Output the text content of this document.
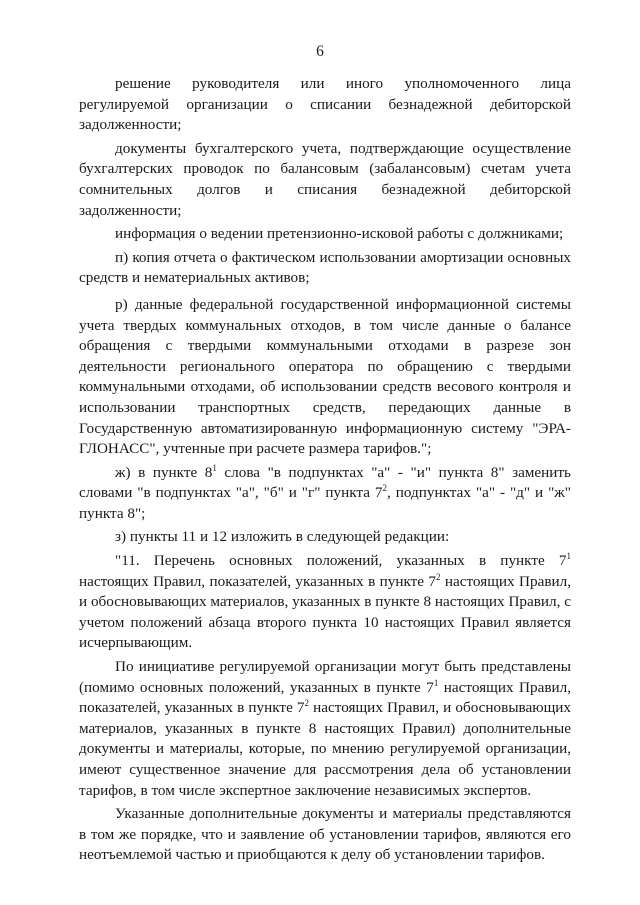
6

решение руководителя или иного уполномоченного лица регулируемой организации о списании безнадежной дебиторской задолженности;

документы бухгалтерского учета, подтверждающие осуществление бухгалтерских проводок по балансовым (забалансовым) счетам учета сомнительных долгов и списания безнадежной дебиторской задолженности;

информация о ведении претензионно-исковой работы с должниками;

п) копия отчета о фактическом использовании амортизации основных средств и нематериальных активов;

р) данные федеральной государственной информационной системы учета твердых коммунальных отходов, в том числе данные о балансе обращения с твердыми коммунальными отходами в разрезе зон деятельности регионального оператора по обращению с твердыми коммунальными отходами, об использовании средств весового контроля и использовании транспортных средств, передающих данные в Государственную автоматизированную информационную систему "ЭРА-ГЛОНАСС", учтенные при расчете размера тарифов.";

ж) в пункте $8^1$ слова "в подпунктах "а" - "и" пункта 8" заменить словами "в подпунктах "а", "б" и "г" пункта $7^2$, подпунктах "а" - "д" и "ж" пункта 8";

з) пункты 11 и 12 изложить в следующей редакции:

"11. Перечень основных положений, указанных в пункте $7^1$ настоящих Правил, показателей, указанных в пункте $7^2$ настоящих Правил, и обосновывающих материалов, указанных в пункте 8 настоящих Правил, с учетом положений абзаца второго пункта 10 настоящих Правил является исчерпывающим.

По инициативе регулируемой организации могут быть представлены (помимо основных положений, указанных в пункте $7^1$ настоящих Правил, показателей, указанных в пункте $7^2$ настоящих Правил, и обосновывающих материалов, указанных в пункте 8 настоящих Правил) дополнительные документы и материалы, которые, по мнению регулируемой организации, имеют существенное значение для рассмотрения дела об установлении тарифов, в том числе экспертное заключение независимых экспертов.

Указанные дополнительные документы и материалы представляются в том же порядке, что и заявление об установлении тарифов, являются его неотъемлемой частью и приобщаются к делу об установлении тарифов.
